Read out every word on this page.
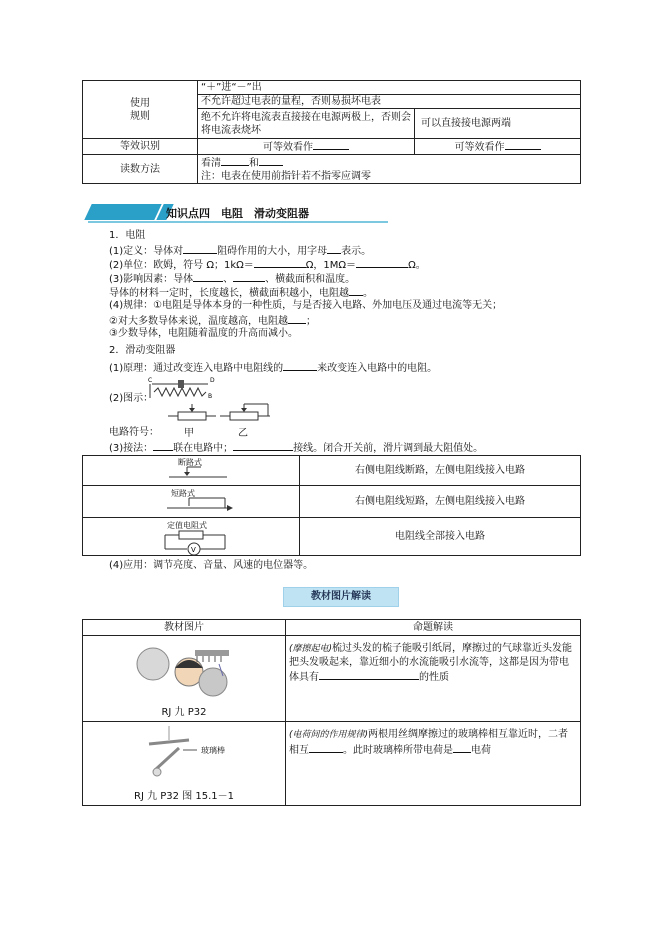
使用
规则	“＋”进“－”出	
	不允许超过电表的量程，否则易损坏电表	
	绝不允许将电流表直接接在电源两极上，否则会将电流表烧坏	可以直接接电源两端
等效识别	可等效看作	可等效看作
读数方法	看清 和
注：电表在使用前指针若不指零应调零	
知识点四　电阻　滑动变阻器
1．电阻
(1)定义：导体对	阻碍作用的大小，用字母 表示。
(2)单位：欧姆，符号 Ω；1kΩ＝	Ω，1MΩ＝	Ω。
(3)影响因素：导体	、	、横截面积和温度。
导体的材料一定时，长度越长，横截面积越小，电阻越 。
(4)规律：①电阻是导体本身的一种性质，与是否接入电路、外加电压及通过电流等无关；
②对大多数导体来说，温度越高，电阻越 ；
③少数导体，电阻随着温度的升高而减小。
2．滑动变阻器
(1)原理：通过改变连入电路中电阻线的	来改变连入电路中的电阻。
(2)图示：
C	D
B
甲	乙
电路符号：
(3)接法： 联在电路中；	接线。闭合开关前，滑片调到最大阻值处。
断路式	右侧电阻线断路，左侧电阻线接入电路

短路式	右侧电阻线短路，左侧电阻线接入电路

定值电阻式
V	电阻线全部接入电路
(4)应用：调节亮度、音量、风速的电位器等。
教材图片解读
教材图片	命题解读

RJ 九 P32	(摩擦起电)梳过头发的梳子能吸引纸屑，摩擦过的气球靠近头发能把头发吸起来，靠近细小的水流能吸引水流等，这都是因为带电体具有 的性质

玻璃棒
RJ 九 P32 图 15.1－1	(电荷间的作用规律)两根用丝绸摩擦过的玻璃棒相互靠近时，二者相互 。此时玻璃棒所带电荷是 电荷
